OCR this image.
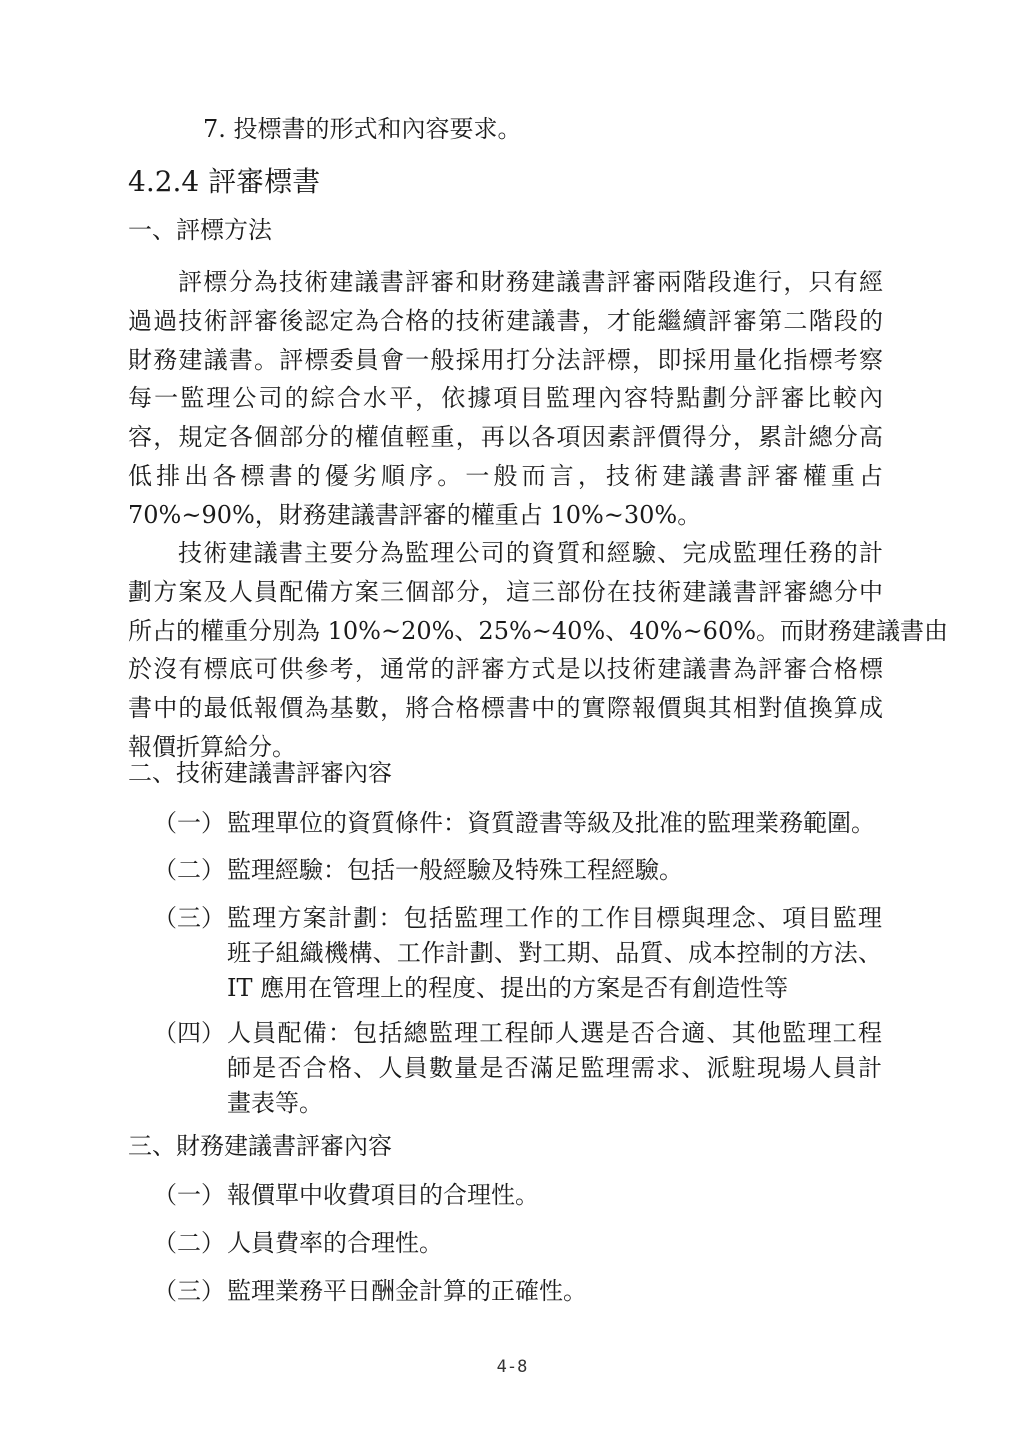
7. 投標書的形式和內容要求。
4.2.4 評審標書
一、評標方法
評標分為技術建議書評審和財務建議書評審兩階段進行，只有經
過過技術評審後認定為合格的技術建議書，才能繼續評審第二階段的
財務建議書。評標委員會一般採用打分法評標，即採用量化指標考察
每一監理公司的綜合水平，依據項目監理內容特點劃分評審比較內
容，規定各個部分的權值輕重，再以各項因素評價得分，累計總分高
低排出各標書的優劣順序。一般而言，技術建議書評審權重占
70%~90%，財務建議書評審的權重占 10%~30%。
技術建議書主要分為監理公司的資質和經驗、完成監理任務的計
劃方案及人員配備方案三個部分，這三部份在技術建議書評審總分中
所占的權重分別為 10%~20%、25%~40%、40%~60%。而財務建議書由
於沒有標底可供參考，通常的評審方式是以技術建議書為評審合格標
書中的最低報價為基數，將合格標書中的實際報價與其相對值換算成
報價折算給分。
二、技術建議書評審內容
（一） 監理單位的資質條件：資質證書等級及批准的監理業務範圍。
（二） 監理經驗：包括一般經驗及特殊工程經驗。
（三） 監理方案計劃：包括監理工作的工作目標與理念、項目監理
班子組織機構、工作計劃、對工期、品質、成本控制的方法、
IT 應用在管理上的程度、提出的方案是否有創造性等
（四） 人員配備：包括總監理工程師人選是否合適、其他監理工程
師是否合格、人員數量是否滿足監理需求、派駐現場人員計
畫表等。
三、財務建議書評審內容
（一） 報價單中收費項目的合理性。
（二） 人員費率的合理性。
（三） 監理業務平日酬金計算的正確性。
4-8
